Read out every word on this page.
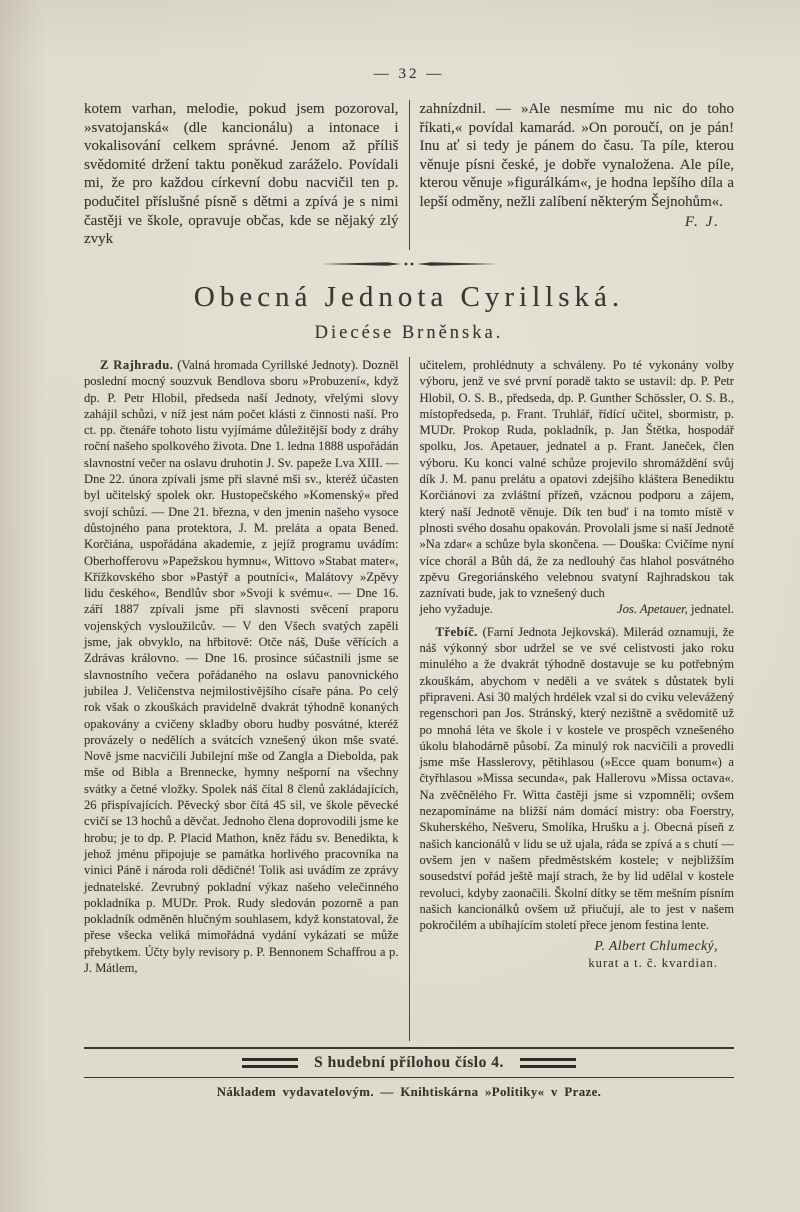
— 32 —

kotem varhan, melodie, pokud jsem pozoroval, »svatojanská« (dle kancionálu) a intonace i vokalisování celkem správné. Jenom až příliš svědomité držení taktu poněkud zaráželo. Povídali mi, že pro každou církevní dobu nacvičil ten p. podučitel příslušné písně s dětmi a zpívá je s nimi častěji ve škole, opravuje občas, kde se nějaký zlý zvyk

zahnízdnil. — »Ale nesmíme mu nic do toho říkati,« povídal kamarád. »On poroučí, on je pán! Inu ať si tedy je pánem do času. Ta píle, kterou věnuje písni české, je dobře vynaložena. Ale píle, kterou věnuje »figurálkám«, je hodna lepšího díla a lepší odměny, nežli zalíbení některým Šejnohům«.

F. J.
Obecná Jednota Cyrillská.
Diecése Brněnska.

Z Rajhradu. (Valná hromada Cyrillské Jednoty). Dozněl poslední mocný souzvuk Bendlova sboru »Probuzení«, když dp. P. Petr Hlobil, předseda naší Jednoty, vřelými slovy zahájil schůzi, v níž jest nám počet klásti z činnosti naší. Pro ct. pp. čtenáře tohoto listu vyjímáme důležitější body z dráhy roční našeho spolkového života. Dne 1. ledna 1888 uspořádán slavnostní večer na oslavu druhotin J. Sv. papeže Lva XIII. — Dne 22. února zpívali jsme při slavné mši sv., kteréž účasten byl učitelský spolek okr. Hustopečského »Komenský« před svojí schůzí. — Dne 21. března, v den jmenin našeho vysoce důstojného pana protektora, J. M. preláta a opata Bened. Korčiána, uspořádána akademie, z jejíž programu uvádím: Oberhofferovu »Papežskou hymnu«, Wittovo »Stabat mater«, Křížkovského sbor »Pastýř a poutníci«, Malátovy »Zpěvy lidu českého«, Bendlův sbor »Svoji k svému«. — Dne 16. září 1887 zpívali jsme při slavnosti svěcení praporu vojenských vysloužilcův. — V den Všech svatých zapěli jsme, jak obvyklo, na hřbitově: Otče náš, Duše věřících a Zdrávas královno. — Dne 16. prosince súčastnili jsme se slavnostního večera pořádaného na oslavu panovnického jubilea J. Veličenstva nejmilostivějšího císaře pána. Po celý rok však o zkouškách pravidelně dvakrát týhodně konaných opakovány a cvičeny skladby oboru hudby posvátné, kteréž provázely o nedělích a svátcích vznešený úkon mše svaté. Nově jsme nacvičili Jubilejní mše od Zangla a Diebolda, pak mše od Bibla a Brennecke, hymny nešporní na všechny svátky a četné vložky. Spolek náš čítal 8 členů zakládajících, 26 přispívajících. Pěvecký sbor čítá 45 sil, ve škole pěvecké cvičí se 13 hochů a děvčat. Jednoho člena doprovodili jsme ke hrobu; je to dp. P. Placid Mathon, kněz řádu sv. Benedikta, k jehož jménu připojuje se památka horlivého pracovníka na vinici Páně i národa roli dědičné! Tolik asi uvádím ze zprávy jednatelské. Zevrubný pokladní výkaz našeho velečinného pokladníka p. MUDr. Prok. Rudy sledován pozorně a pan pokladník odměněn hlučným souhlasem, když konstatoval, že přese všecka veliká mimořádná vydání vykázati se může přebytkem. Účty byly revisory p. P. Bennonem Schaffrou a p. J. Mátlem,

učitelem, prohlédnuty a schváleny. Po té vykonány volby výboru, jenž ve své první poradě takto se ustavil: dp. P. Petr Hlobil, O. S. B., předseda, dp. P. Gunther Schössler, O. S. B., místopředseda, p. Frant. Truhlář, řídící učitel, sbormistr, p. MUDr. Prokop Ruda, pokladník, p. Jan Štětka, hospodář spolku, Jos. Apetauer, jednatel a p. Frant. Janeček, člen výboru. Ku konci valné schůze projevilo shromáždění svůj dík J. M. panu prelátu a opatovi zdejšího kláštera Benediktu Korčiánovi za zvláštní přízeň, vzácnou podporu a zájem, který naší Jednotě věnuje. Dík ten buď i na tomto místě v plnosti svého dosahu opakován. Provolali jsme si naší Jednotě »Na zdar« a schůze byla skončena. — Douška: Cvičíme nyní více chorál a Bůh dá, že za nedlouhý čas hlahol posvátného zpěvu Gregoriánského velebnou svatyní Rajhradskou tak zaznívati bude, jak to vznešený duch

jeho vyžaduje.	Jos. Apetauer, jednatel.

Třebíč. (Farní Jednota Jejkovská). Milerád oznamuji, že náš výkonný sbor udržel se ve své celistvosti jako roku minulého a že dvakrát týhodně dostavuje se ku potřebným zkouškám, abychom v neděli a ve svátek s důstatek byli připraveni. Asi 30 malých hrdélek vzal si do cviku velevážený regenschori pan Jos. Stránský, který nezištně a svědomitě už po mnohá léta ve škole i v kostele ve prospěch vznešeného úkolu blahodárně působí. Za minulý rok nacvičili a provedli jsme mše Hasslerovy, pětihlasou (»Ecce quam bonum«) a čtyřhlasou »Missa secunda«, pak Hallerovu »Missa octava«. Na zvěčnělého Fr. Witta častěji jsme si vzpomněli; ovšem nezapomínáme na bližší nám domácí mistry: oba Foerstry, Skuherského, Nešveru, Smolíka, Hrušku a j. Obecná píseň z našich kancionálů v lidu se už ujala, ráda se zpívá a s chutí — ovšem jen v našem předměstském kostele; v nejbližším sousedství pořád ještě mají strach, že by lid udělal v kostele revoluci, kdyby zaonačili. Školní dítky se těm mešním písním našich kancionálků ovšem už přiučují, ale to jest v našem pokročilém a ubíhajícím století přece jenom festina lente.

P. Albert Chlumecký,
kurat a t. č. kvardian.
S hudební přílohou číslo 4.
Nákladem vydavatelovým. — Knihtiskárna »Politiky« v Praze.
